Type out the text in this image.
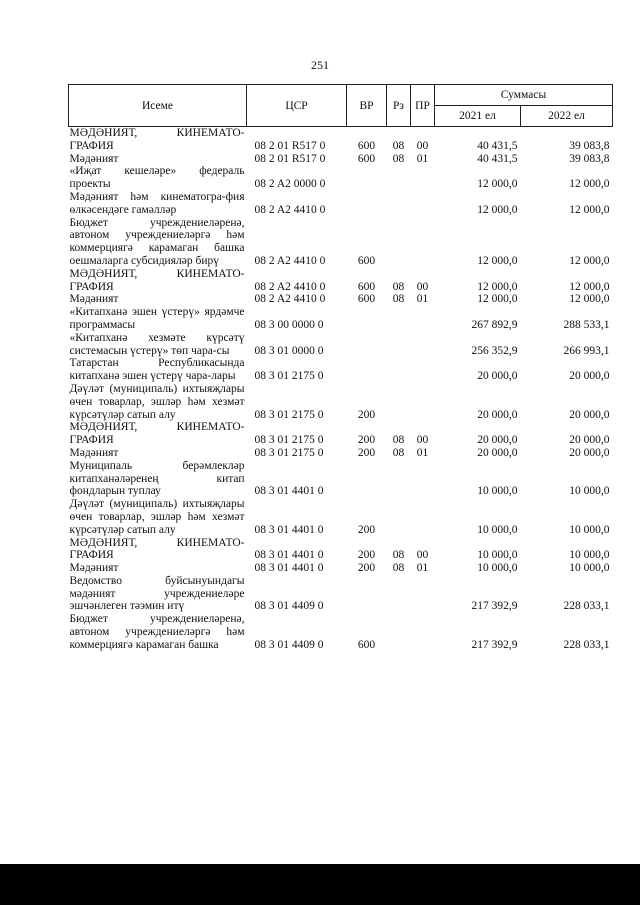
251
Исеме	ЦСР	ВР	Рз	ПР	Суммасы	
					2021 ел	2022 ел
МӘДӘНИЯТ, КИНЕМАТО-ГРАФИЯ	08 2 01 R517 0	600	08	00	40 431,5	39 083,8
Мәдәният	08 2 01 R517 0	600	08	01	40 431,5	39 083,8
«Иҗат кешеләре» федераль проекты	08 2 A2 0000 0				12 000,0	12 000,0
Мәдәният һәм кинематогра-фия өлкәсендәге гамәлләр	08 2 A2 4410 0				12 000,0	12 000,0
Бюджет учреждениеләренә, автоном учреждениеләргә һәм коммерциягә карамаган башка оешмаларга субсидияләр бирү	08 2 A2 4410 0	600			12 000,0	12 000,0
МӘДӘНИЯТ, КИНЕМАТО-ГРАФИЯ	08 2 A2 4410 0	600	08	00	12 000,0	12 000,0
Мәдәният	08 2 A2 4410 0	600	08	01	12 000,0	12 000,0
«Китапханә эшен үстерү» ярдәмче программасы	08 3 00 0000 0				267 892,9	288 533,1
«Китапханә хезмәте күрсәтү системасын үстерү» төп чара-сы	08 3 01 0000 0				256 352,9	266 993,1
Татарстан Республикасында китапханә эшен үстерү чара-лары	08 3 01 2175 0				20 000,0	20 000,0
Дәүләт (муниципаль) ихтыяҗлары өчен товарлар, эшләр һәм хезмәт күрсәтүләр сатып алу	08 3 01 2175 0	200			20 000,0	20 000,0
МӘДӘНИЯТ, КИНЕМАТО-ГРАФИЯ	08 3 01 2175 0	200	08	00	20 000,0	20 000,0
Мәдәният	08 3 01 2175 0	200	08	01	20 000,0	20 000,0
Муниципаль берәмлекләр китапханәләренең китап фондларын туплау	08 3 01 4401 0				10 000,0	10 000,0
Дәүләт (муниципаль) ихтыяҗлары өчен товарлар, эшләр һәм хезмәт күрсәтүләр сатып алу	08 3 01 4401 0	200			10 000,0	10 000,0
МӘДӘНИЯТ, КИНЕМАТО-ГРАФИЯ	08 3 01 4401 0	200	08	00	10 000,0	10 000,0
Мәдәният	08 3 01 4401 0	200	08	01	10 000,0	10 000,0
Ведомство буйсынуындагы мәдәният учреждениеләре эшчәнлеген тәэмин итү	08 3 01 4409 0				217 392,9	228 033,1
Бюджет учреждениеләренә, автоном учреждениеләргә һәм коммерциягә карамаган башка	08 3 01 4409 0	600			217 392,9	228 033,1
